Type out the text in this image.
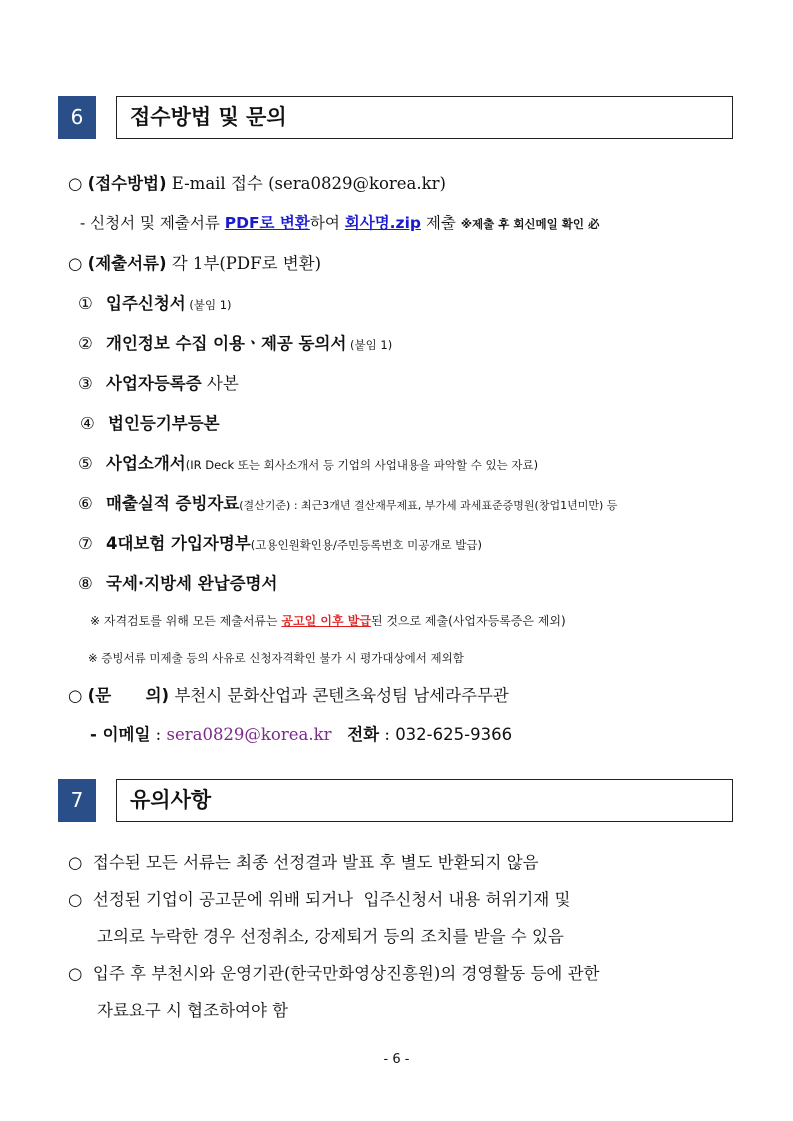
6	접수방법 및 문의
○ (접수방법) E-mail 접수 (sera0829@korea.kr)
- 신청서 및 제출서류 PDF로 변환하여 회사명.zip 제출 ※제출 후 회신메일 확인 必
○ (제출서류) 각 1부(PDF로 변환)
① 입주신청서 (붙임 1)
② 개인정보 수집 이용ㆍ제공 동의서 (붙임 1)
③ 사업자등록증 사본
④ 법인등기부등본
⑤ 사업소개서(IR Deck 또는 회사소개서 등 기업의 사업내용을 파악할 수 있는 자료)
⑥ 매출실적 증빙자료(결산기준) : 최근3개년 결산재무제표, 부가세 과세표준증명원(창업1년미만) 등
⑦ 4대보험 가입자명부(고용인원확인용/주민등록번호 미공개로 발급)
⑧ 국세·지방세 완납증명서
※ 자격검토를 위해 모든 제출서류는 공고일 이후 발급된 것으로 제출(사업자등록증은 제외)
※ 증빙서류 미제출 등의 사유로 신청자격확인 불가 시 평가대상에서 제외함
○ (문      의) 부천시 문화산업과 콘텐츠육성팀 남세라주무관
- 이메일 : sera0829@korea.kr 전화 : 032-625-9366
7	유의사항
○ 접수된 모든 서류는 최종 선정결과 발표 후 별도 반환되지 않음
○ 선정된 기업이 공고문에 위배 되거나  입주신청서 내용 허위기재 및
고의로 누락한 경우 선정취소, 강제퇴거 등의 조치를 받을 수 있음
○ 입주 후 부천시와 운영기관(한국만화영상진흥원)의 경영활동 등에 관한
자료요구 시 협조하여야 함
- 6 -
